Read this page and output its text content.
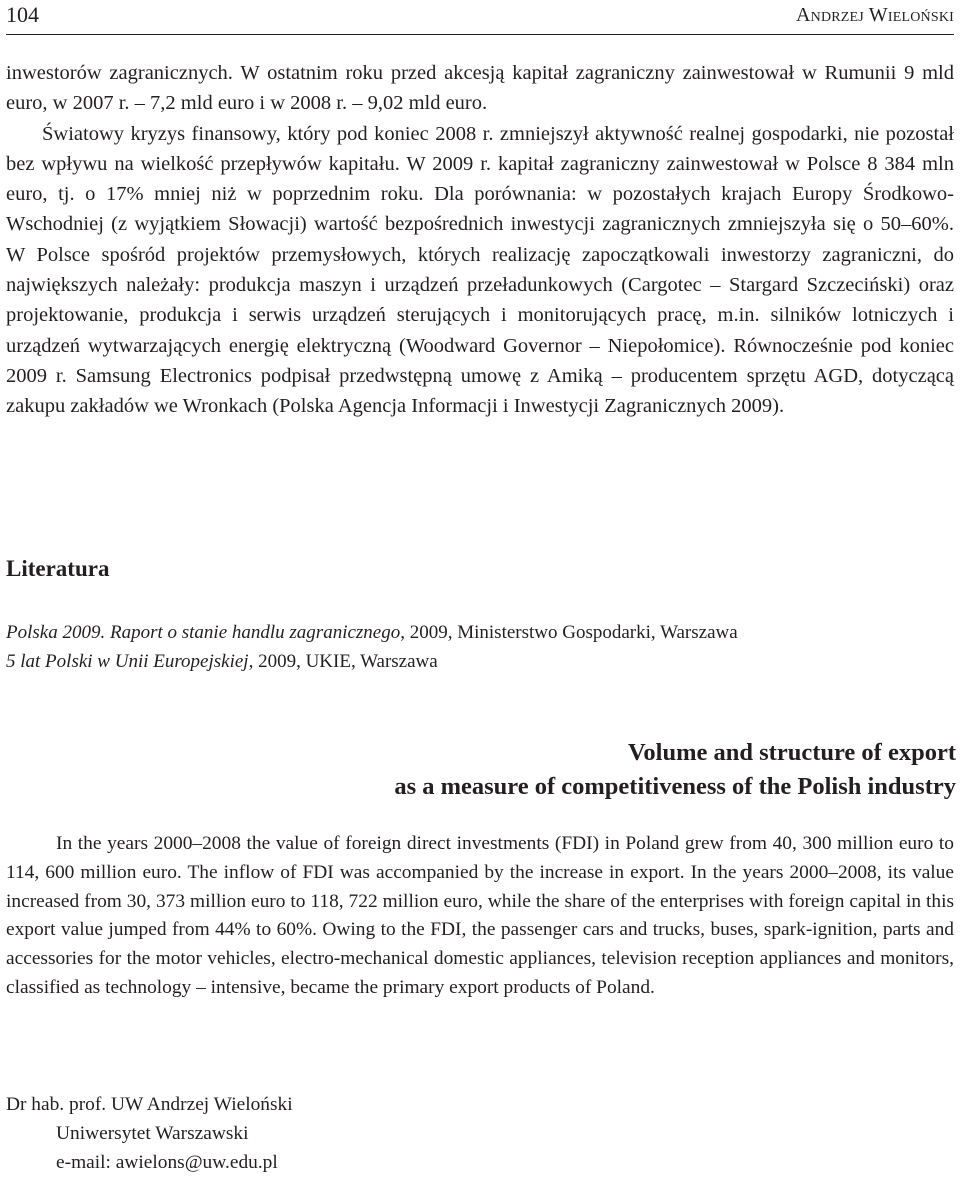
104	Andrzej Wieloński

inwestorów zagranicznych. W ostatnim roku przed akcesją kapitał zagraniczny zainwestował w Rumunii 9 mld euro, w 2007 r. – 7,2 mld euro i w 2008 r. – 9,02 mld euro.

Światowy kryzys finansowy, który pod koniec 2008 r. zmniejszył aktywność realnej gospodarki, nie pozostał bez wpływu na wielkość przepływów kapitału. W 2009 r. kapitał zagraniczny zainwestował w Polsce 8 384 mln euro, tj. o 17% mniej niż w poprzednim roku. Dla porównania: w pozostałych krajach Europy Środkowo-Wschodniej (z wyjątkiem Słowacji) wartość bezpośrednich inwestycji zagranicznych zmniejszyła się o 50–60%. W Polsce spośród projektów przemysłowych, których realizację zapoczątkowali inwestorzy zagraniczni, do największych należały: produkcja maszyn i urządzeń przeładunkowych (Cargotec – Stargard Szczeciński) oraz projektowanie, produkcja i serwis urządzeń sterujących i monitorujących pracę, m.in. silników lotniczych i urządzeń wytwarzających energię elektryczną (Woodward Governor – Niepołomice). Równocześnie pod koniec 2009 r. Samsung Electronics podpisał przedwstępną umowę z Amiką – producentem sprzętu AGD, dotyczącą zakupu zakładów we Wronkach (Polska Agencja Informacji i Inwestycji Zagranicznych 2009).

Literatura

Polska 2009. Raport o stanie handlu zagranicznego, 2009, Ministerstwo Gospodarki, Warszawa

5 lat Polski w Unii Europejskiej, 2009, UKIE, Warszawa

Volume and structure of export
as a measure of competitiveness of the Polish industry

In the years 2000–2008 the value of foreign direct investments (FDI) in Poland grew from 40, 300 million euro to 114, 600 million euro. The inflow of FDI was accompanied by the increase in export. In the years 2000–2008, its value increased from 30, 373 million euro to 118, 722 million euro, while the share of the enterprises with foreign capital in this export value jumped from 44% to 60%. Owing to the FDI, the passenger cars and trucks, buses, spark-ignition, parts and accessories for the motor vehicles, electro-mechanical domestic appliances, television reception appliances and monitors, classified as technology – intensive, became the primary export products of Poland.

Dr hab. prof. UW Andrzej Wieloński
Uniwersytet Warszawski
e-mail: awielons@uw.edu.pl
